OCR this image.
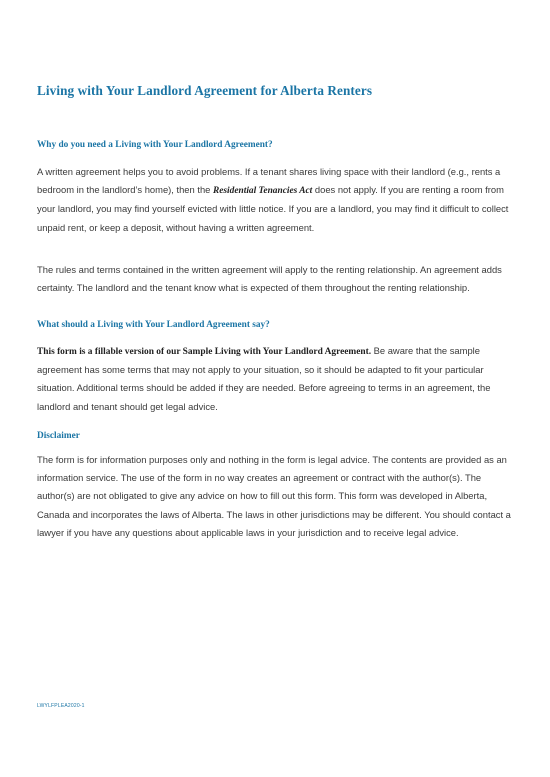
Living with Your Landlord Agreement for Alberta Renters
Why do you need a Living with Your Landlord Agreement?

A written agreement helps you to avoid problems. If a tenant shares living space with their landlord (e.g., rents a bedroom in the landlord’s home), then the Residential Tenancies Act does not apply. If you are renting a room from your landlord, you may find yourself evicted with little notice. If you are a landlord, you may find it difficult to collect unpaid rent, or keep a deposit, without having a written agreement.

The rules and terms contained in the written agreement will apply to the renting relationship. An agreement adds certainty. The landlord and the tenant know what is expected of them throughout the renting relationship.

What should a Living with Your Landlord Agreement say?

This form is a fillable version of our Sample Living with Your Landlord Agreement. Be aware that the sample agreement has some terms that may not apply to your situation, so it should be adapted to fit your particular situation. Additional terms should be added if they are needed. Before agreeing to terms in an agreement, the landlord and tenant should get legal advice.

Disclaimer

The form is for information purposes only and nothing in the form is legal advice. The contents are provided as an information service. The use of the form in no way creates an agreement or contract with the author(s). The author(s) are not obligated to give any advice on how to fill out this form. This form was developed in Alberta, Canada and incorporates the laws of Alberta. The laws in other jurisdictions may be different. You should contact a lawyer if you have any questions about applicable laws in your jurisdiction and to receive legal advice.

LWYLFPLEA2020-1
